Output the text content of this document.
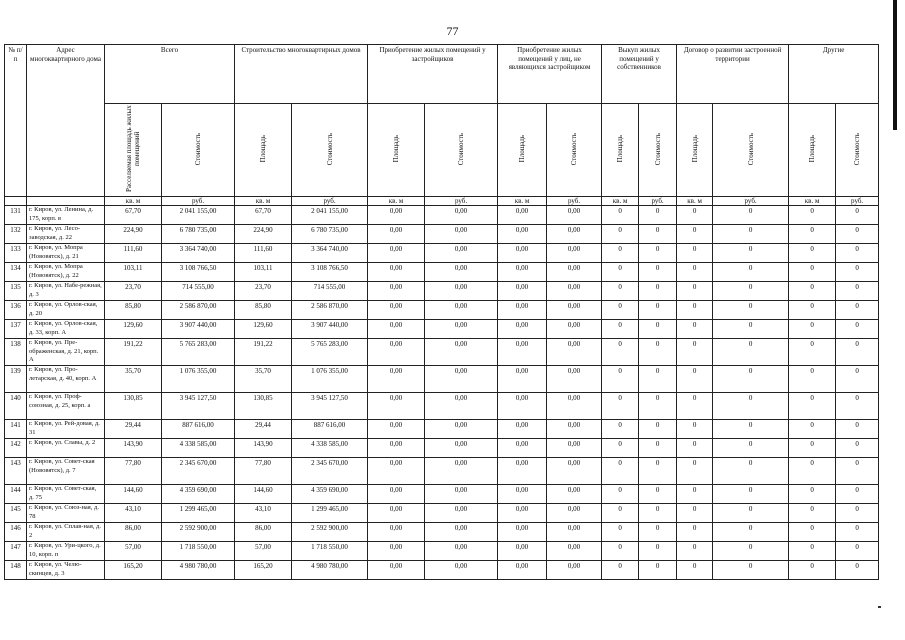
77
№ п/п	Адрес многоквартирного дома	Всего		Строительство многоквартирных домов		Приобретение жилых помещений у застройщиков		Приобретение жилых помещений у лиц, не являющихся застройщиком		Выкуп жилых помещений у собственников		Договор о развитии застроенной территории		Другие	
		Расселяемая площадь жилых помещений	Стоимость	Площадь	Стоимость	Площадь	Стоимость	Площадь	Стоимость	Площадь	Стоимость	Площадь	Стоимость	Площадь	Стоимость
		кв. м	руб.	кв. м	руб.	кв. м	руб.	кв. м	руб.	кв. м	руб.	кв. м	руб.	кв. м	руб.
131	г. Киров, ул. Ленина, д. 175, корп. в	67,70	2 041 155,00	67,70	2 041 155,00	0,00	0,00	0,00	0,00	0	0	0	0	0	0
132	г. Киров, ул. Лесо-заводская, д. 22	224,90	6 780 735,00	224,90	6 780 735,00	0,00	0,00	0,00	0,00	0	0	0	0	0	0
133	г. Киров, ул. Мопра (Нововятск), д. 21	111,60	3 364 740,00	111,60	3 364 740,00	0,00	0,00	0,00	0,00	0	0	0	0	0	0
134	г. Киров, ул. Мопра (Нововятск), д. 22	103,11	3 108 766,50	103,11	3 108 766,50	0,00	0,00	0,00	0,00	0	0	0	0	0	0
135	г. Киров, ул. Набе-режная, д. 3	23,70	714 555,00	23,70	714 555,00	0,00	0,00	0,00	0,00	0	0	0	0	0	0
136	г. Киров, ул. Орлов-ская, д. 20	85,80	2 586 870,00	85,80	2 586 870,00	0,00	0,00	0,00	0,00	0	0	0	0	0	0
137	г. Киров, ул. Орлов-ская, д. 33, корп. А	129,60	3 907 440,00	129,60	3 907 440,00	0,00	0,00	0,00	0,00	0	0	0	0	0	0
138	г. Киров, ул. Пре-ображенская, д. 21, корп. А	191,22	5 765 283,00	191,22	5 765 283,00	0,00	0,00	0,00	0,00	0	0	0	0	0	0
139	г. Киров, ул. Про-летарская, д. 40, корп. А	35,70	1 076 355,00	35,70	1 076 355,00	0,00	0,00	0,00	0,00	0	0	0	0	0	0
140	г. Киров, ул. Проф-союзная, д. 25, корп. а	130,85	3 945 127,50	130,85	3 945 127,50	0,00	0,00	0,00	0,00	0	0	0	0	0	0
141	г. Киров, ул. Рей-довая, д. 31	29,44	887 616,00	29,44	887 616,00	0,00	0,00	0,00	0,00	0	0	0	0	0	0
142	г. Киров, ул. Славы, д. 2	143,90	4 338 585,00	143,90	4 338 585,00	0,00	0,00	0,00	0,00	0	0	0	0	0	0
143	г. Киров, ул. Совет-ская (Нововятск), д. 7	77,80	2 345 670,00	77,80	2 345 670,00	0,00	0,00	0,00	0,00	0	0	0	0	0	0
144	г. Киров, ул. Совет-ская, д. 75	144,60	4 359 690,00	144,60	4 359 690,00	0,00	0,00	0,00	0,00	0	0	0	0	0	0
145	г. Киров, ул. Союз-ная, д. 78	43,10	1 299 465,00	43,10	1 299 465,00	0,00	0,00	0,00	0,00	0	0	0	0	0	0
146	г. Киров, ул. Сплав-ная, д. 2	86,00	2 592 900,00	86,00	2 592 900,00	0,00	0,00	0,00	0,00	0	0	0	0	0	0
147	г. Киров, ул. Ури-цкого, д. 10, корп. п	57,00	1 718 550,00	57,00	1 718 550,00	0,00	0,00	0,00	0,00	0	0	0	0	0	0
148	г. Киров, ул. Челю-скинцев, д. 3	165,20	4 980 780,00	165,20	4 980 780,00	0,00	0,00	0,00	0,00	0	0	0	0	0	0
